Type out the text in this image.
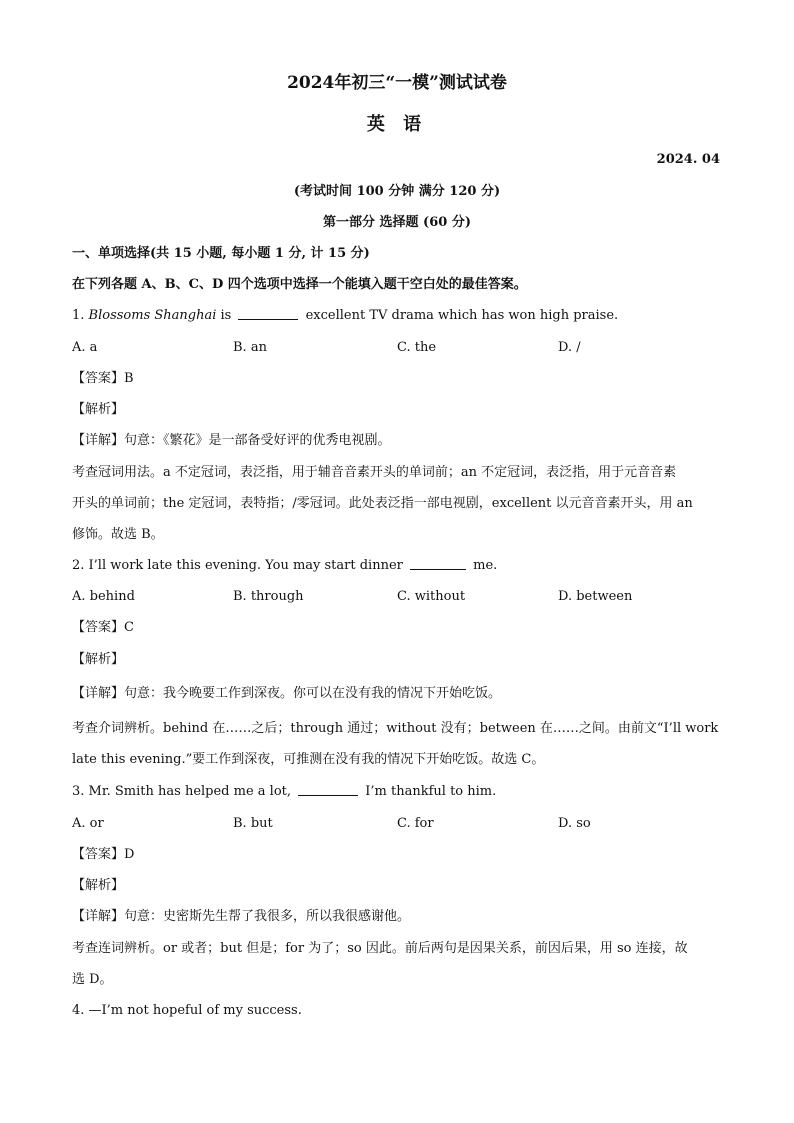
2024年初三“一模”测试试卷
英 语
2024. 04
(考试时间 100 分钟 满分 120 分)
第一部分 选择题 (60 分)
一、单项选择(共 15 小题, 每小题 1 分, 计 15 分)
在下列各题 A、B、C、D 四个选项中选择一个能填入题干空白处的最佳答案。
1. Blossoms Shanghai is	excellent TV drama which has won high praise.
A. a	B. an	C. the	D. /
【答案】B
【解析】
【详解】句意：《繁花》是一部备受好评的优秀电视剧。
考查冠词用法。a 不定冠词，表泛指，用于辅音音素开头的单词前；an 不定冠词，表泛指，用于元音音素
开头的单词前；the 定冠词，表特指；/零冠词。此处表泛指一部电视剧，excellent 以元音音素开头，用 an
修饰。故选 B。
2. I’ll work late this evening. You may start dinner	me.
A. behind	B. through	C. without	D. between
【答案】C
【解析】
【详解】句意：我今晚要工作到深夜。你可以在没有我的情况下开始吃饭。
考查介词辨析。behind 在……之后；through 通过；without 没有；between 在……之间。由前文“I’ll work
late this evening.”要工作到深夜，可推测在没有我的情况下开始吃饭。故选 C。
3. Mr. Smith has helped me a lot,	I’m thankful to him.
A. or	B. but	C. for	D. so
【答案】D
【解析】
【详解】句意：史密斯先生帮了我很多，所以我很感谢他。
考查连词辨析。or 或者；but 但是；for 为了；so 因此。前后两句是因果关系，前因后果，用 so 连接，故
选 D。
4. —I’m not hopeful of my success.
